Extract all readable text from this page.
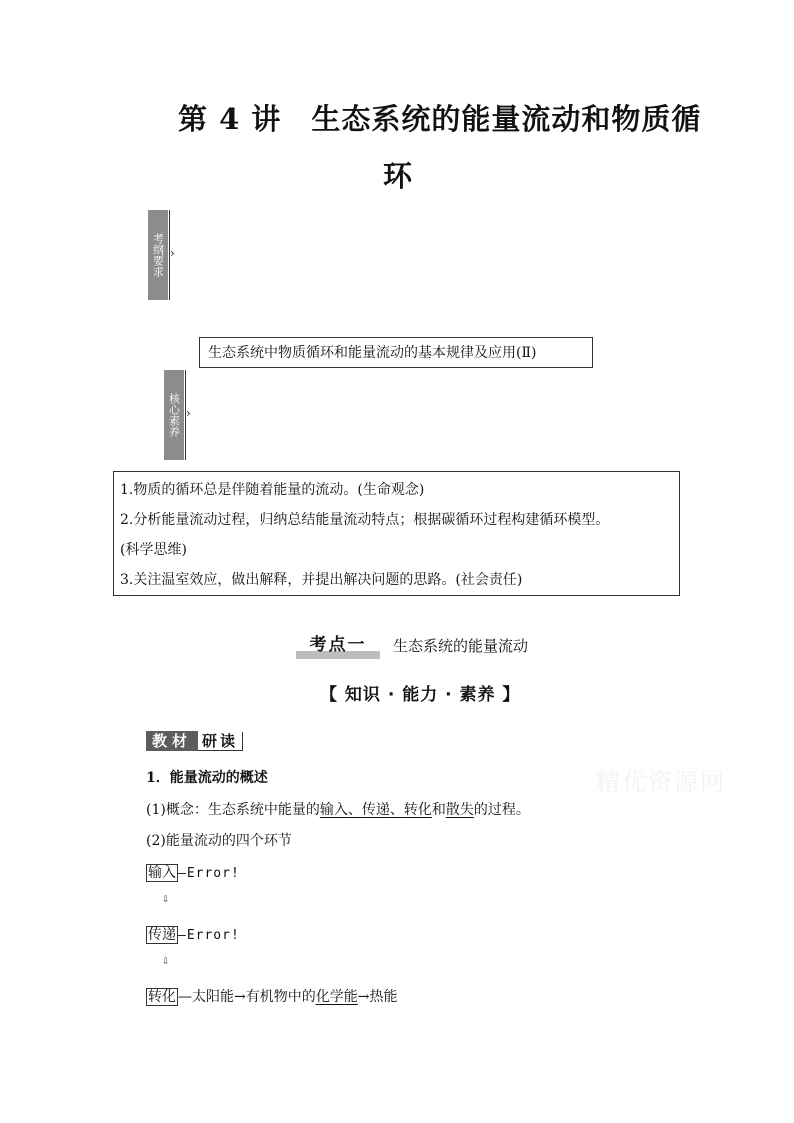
第 4 讲　生态系统的能量流动和物质循
环
考纲要求 ›
生态系统中物质循环和能量流动的基本规律及应用(Ⅱ)
核心素养 ›

1.物质的循环总是伴随着能量的流动。(生命观念)

2.分析能量流动过程，归纳总结能量流动特点；根据碳循环过程构建循环模型。

(科学思维)

3.关注温室效应，做出解释，并提出解决问题的思路。(社会责任)

考点一	生态系统的能量流动
【 知识 · 能力 · 素养 】
教材 研读
精优资源网
1．能量流动的概述
(1)概念：生态系统中能量的输入、传递、转化和散失的过程。
(2)能量流动的四个环节
输入 —Error!
⇩
传递 —Error!
⇩
转化 —太阳能→有机物中的化学能→热能
